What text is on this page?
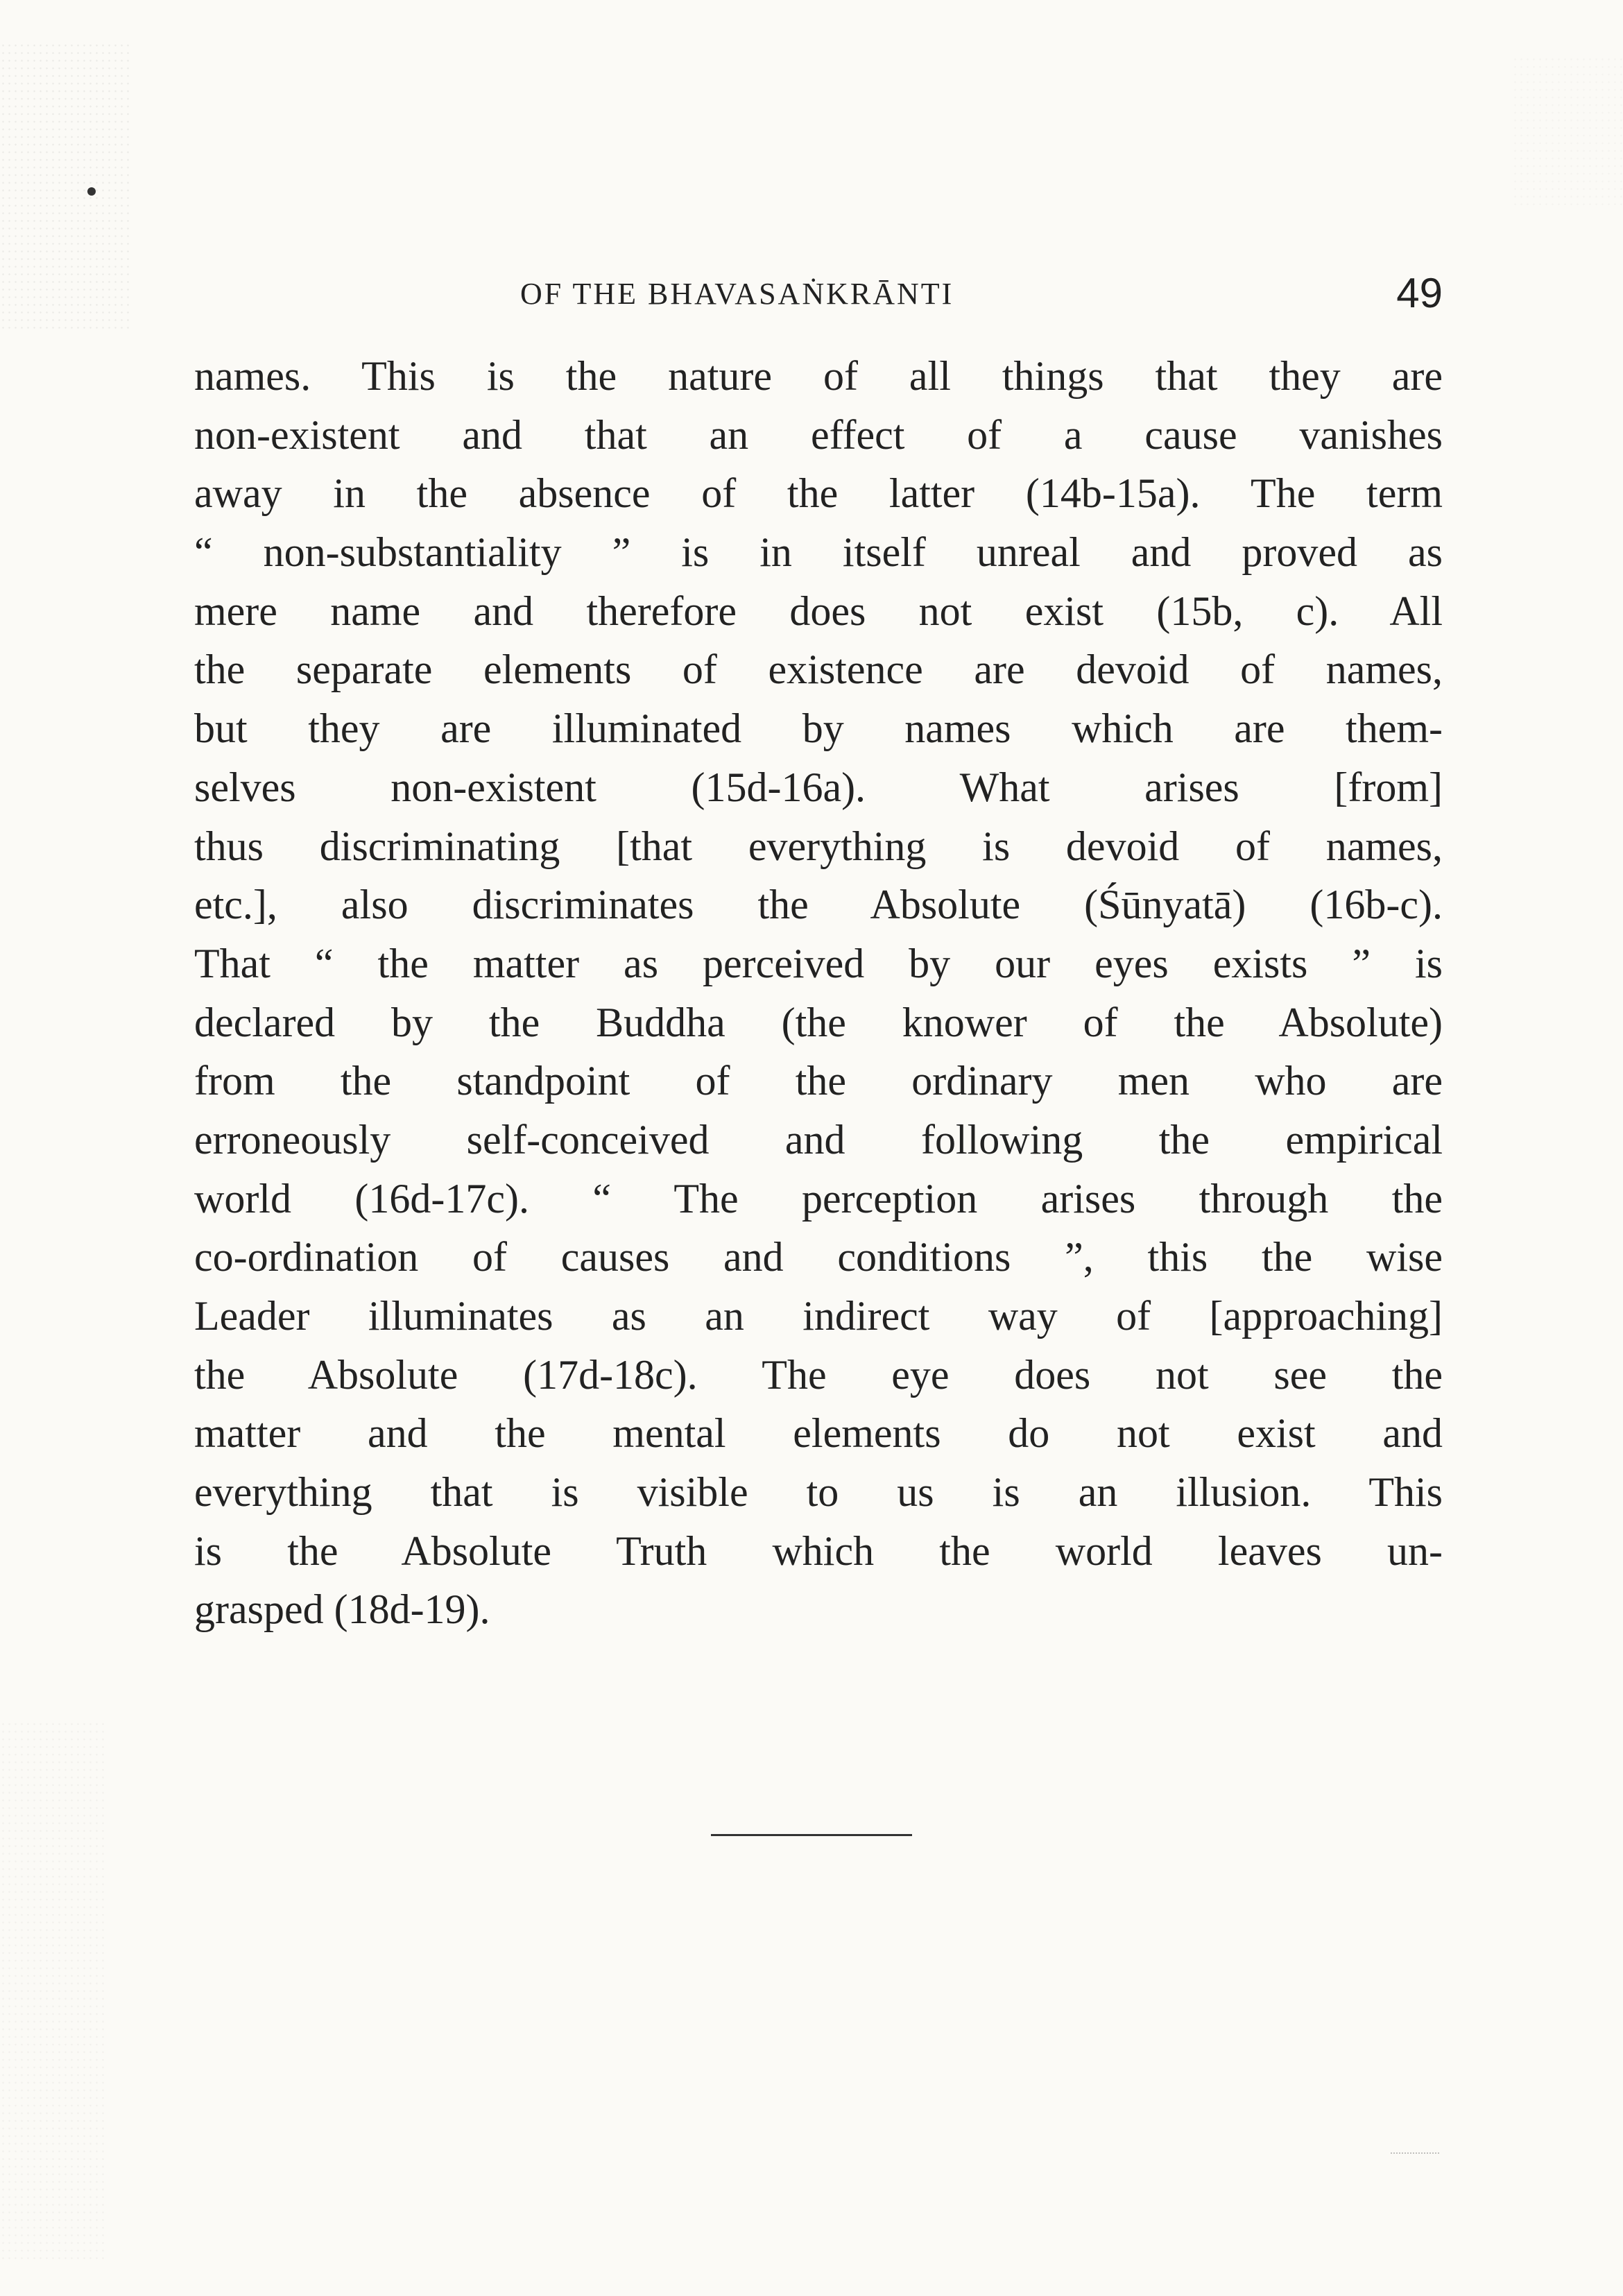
OF THE BHAVASAṄKRĀNTI	49
names. This is the nature of all things that they are
non-existent and that an effect of a cause vanishes
away in the absence of the latter (14b-15a). The term
“ non-substantiality ” is in itself unreal and proved as
mere name and therefore does not exist (15b, c). All
the separate elements of existence are devoid of names,
but they are illuminated by names which are them-
selves non-existent (15d-16a). What arises [from]
thus discriminating [that everything is devoid of names,
etc.], also discriminates the Absolute (Śūnyatā) (16b-c).
That “ the matter as perceived by our eyes exists ” is
declared by the Buddha (the knower of the Absolute)
from the standpoint of the ordinary men who are
erroneously self-conceived and following the empirical
world (16d-17c). “ The perception arises through the
co-ordination of causes and conditions ”, this the wise
Leader illuminates as an indirect way of [approaching]
the Absolute (17d-18c). The eye does not see the
matter and the mental elements do not exist and
everything that is visible to us is an illusion. This
is the Absolute Truth which the world leaves un-
grasped (18d-19).
